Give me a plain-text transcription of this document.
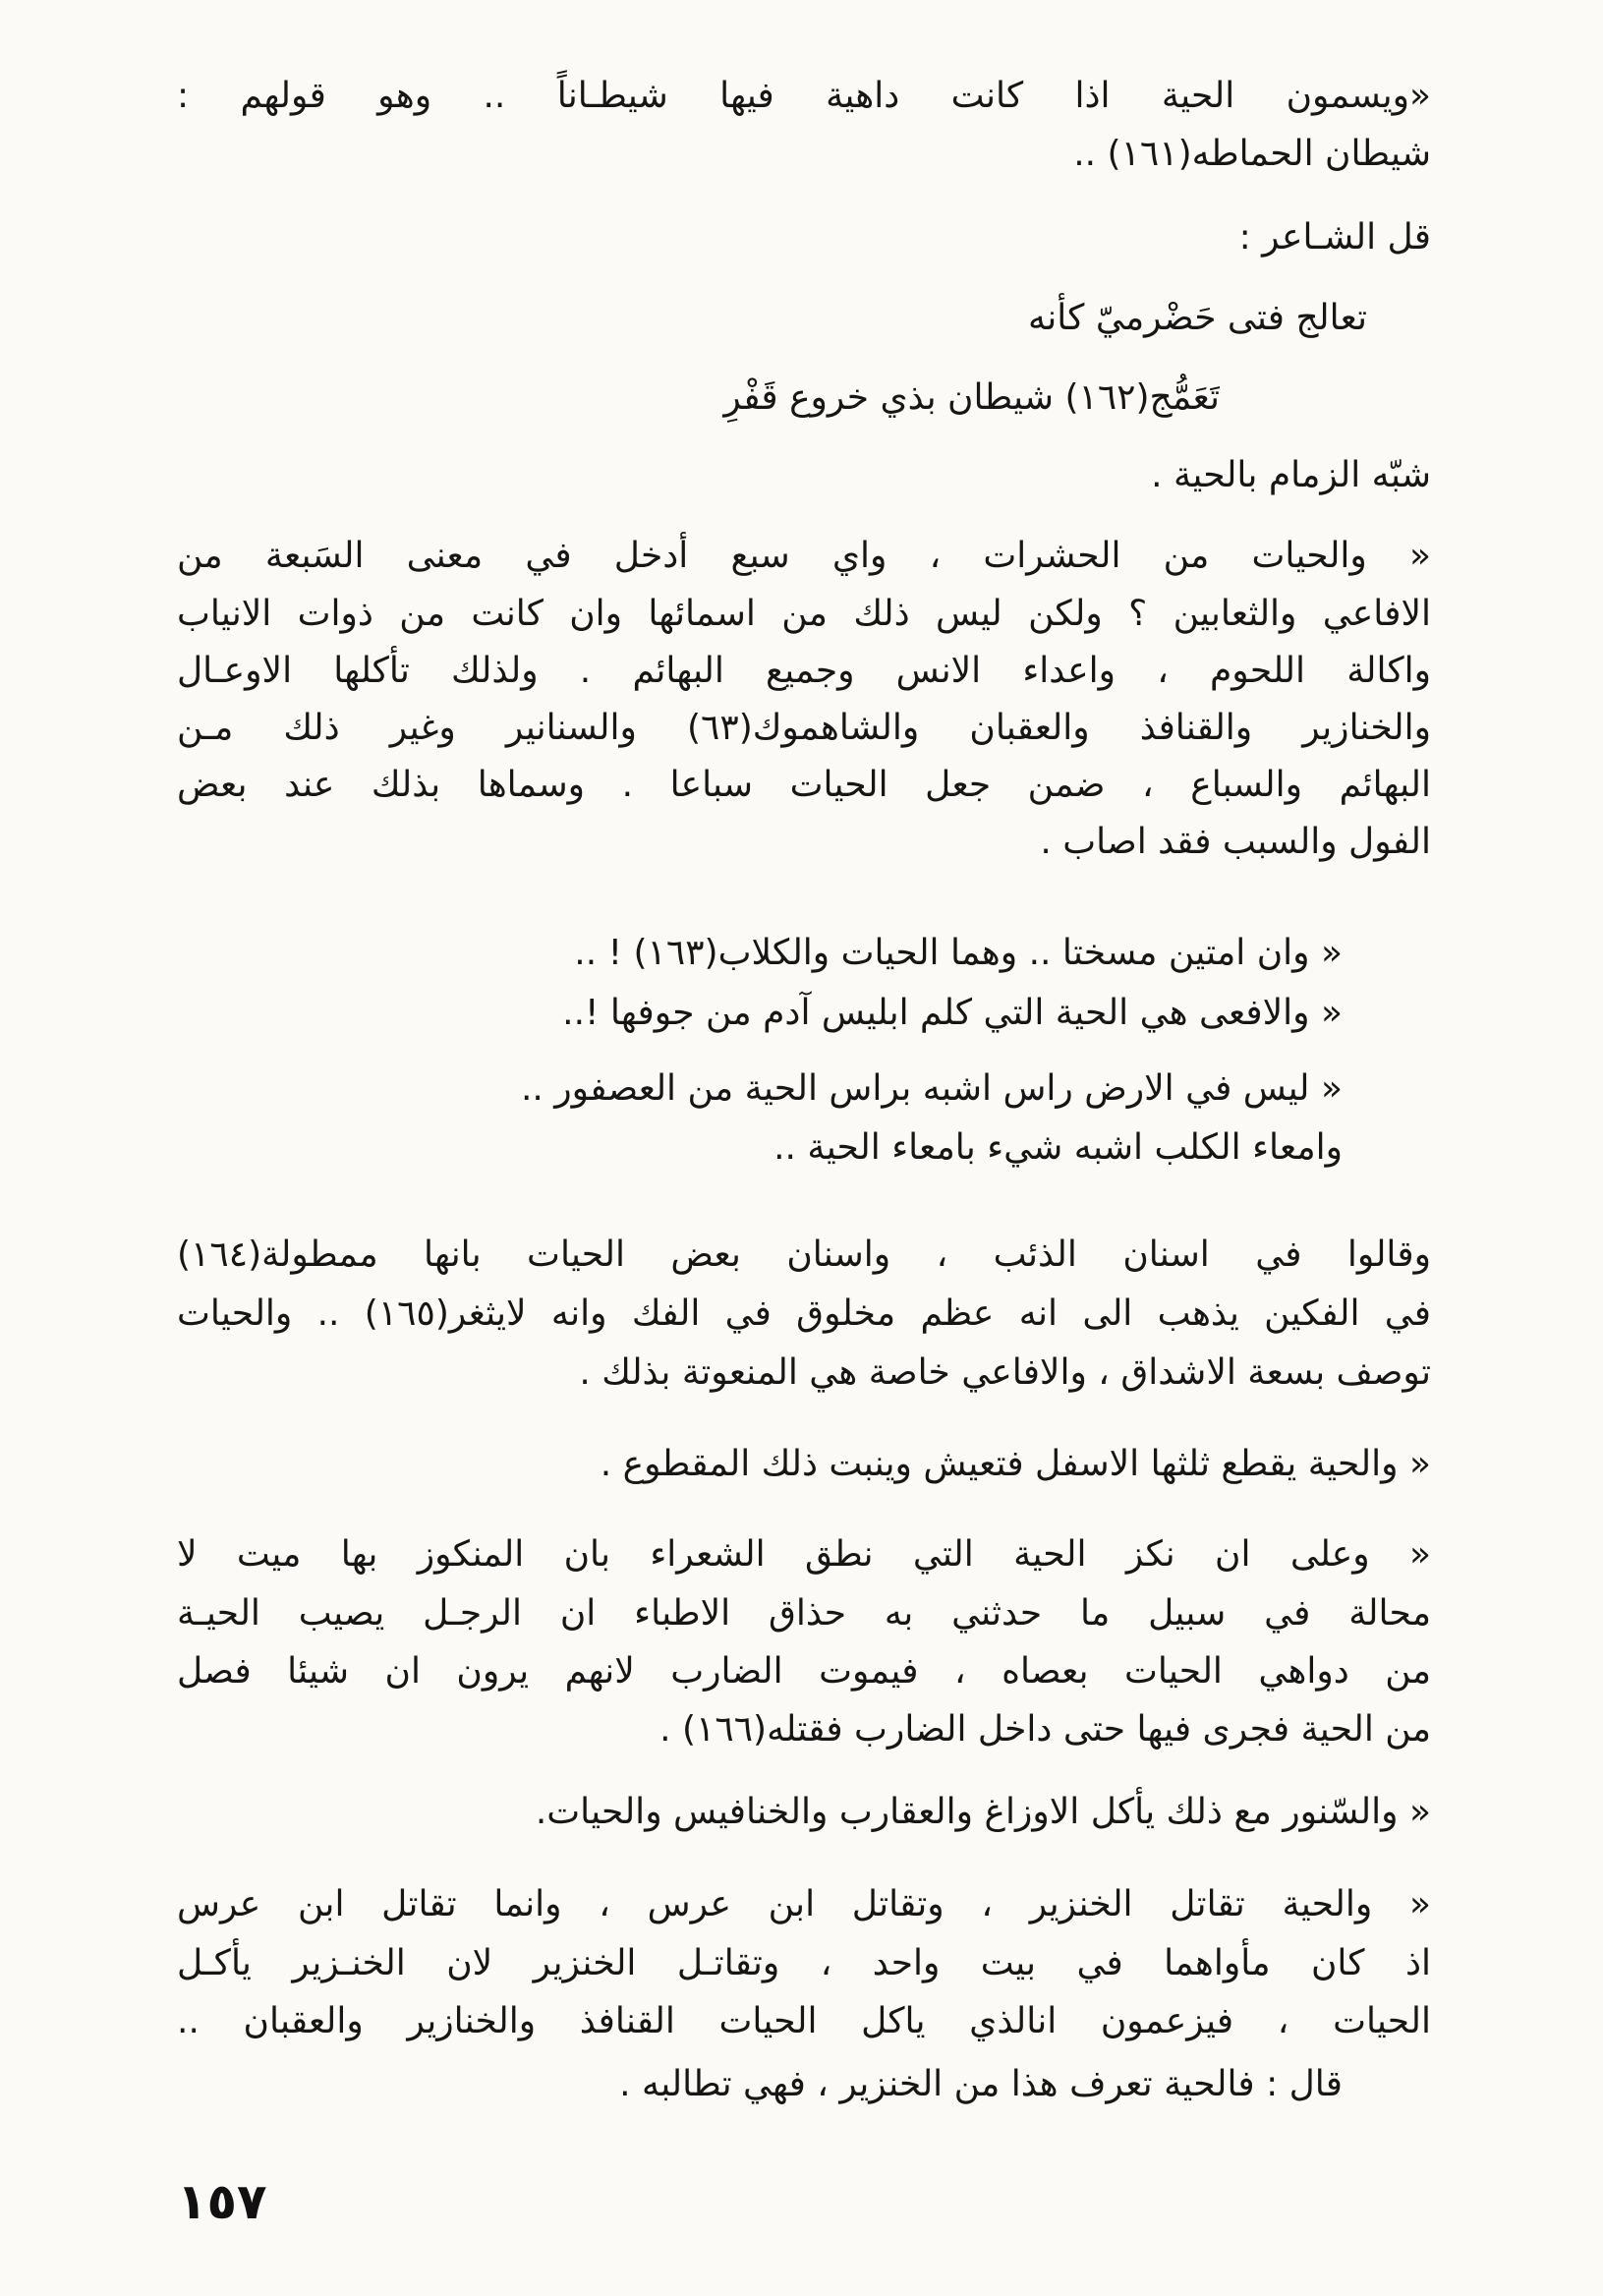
«ويسمون الحية اذا كانت داهية فيها شيطـاناً .. وهو قولهم :
شيطان الحماطه(١٦١) ..
قل الشـاعر :
تعالج فتى حَضْرميّ كأنه
تَعَمُّج(١٦٢) شيطان بذي خروع قَفْرِ
شبّه الزمام بالحية .
« والحيات من الحشرات ، واي سبع أدخل في معنى السَبعة من
الافاعي والثعابين ؟ ولكن ليس ذلك من اسمائها وان كانت من ذوات الانياب
واكالة اللحوم ، واعداء الانس وجميع البهائم . ولذلك تأكلها الاوعـال
والخنازير والقنافذ والعقبان والشاهموك(٦٣) والسنانير وغير ذلك مـن
البهائم والسباع ، ضمن جعل الحيات سباعا . وسماها بذلك عند بعض
الفول والسبب فقد اصاب .
« وان امتين مسختا .. وهما الحيات والكلاب(١٦٣) ! ..
« والافعى هي الحية التي كلم ابليس آدم من جوفها !..
« ليس في الارض راس اشبه براس الحية من العصفور ..
وامعاء الكلب اشبه شيء بامعاء الحية ..
وقالوا في اسنان الذئب ، واسنان بعض الحيات بانها ممطولة(١٦٤)
في الفكين يذهب الى انه عظم مخلوق في الفك وانه لايثغر(١٦٥) .. والحيات
توصف بسعة الاشداق ، والافاعي خاصة هي المنعوتة بذلك .
« والحية يقطع ثلثها الاسفل فتعيش وينبت ذلك المقطوع .
« وعلى ان نكز الحية التي نطق الشعراء بان المنكوز بها ميت لا
محالة في سبيل ما حدثني به حذاق الاطباء ان الرجـل يصيب الحيـة
من دواهي الحيات بعصاه ، فيموت الضارب لانهم يرون ان شيئا فصل
من الحية فجرى فيها حتى داخل الضارب فقتله(١٦٦) .
« والسّنور مع ذلك يأكل الاوزاغ والعقارب والخنافيس والحيات.
« والحية تقاتل الخنزير ، وتقاتل ابن عرس ، وانما تقاتل ابن عرس
اذ كان مأواهما في بيت واحد ، وتقاتـل الخنزير لان الخنـزير يأكـل
الحيات ، فيزعمون انالذي ياكل الحيات القنافذ والخنازير والعقبان ..
قال : فالحية تعرف هذا من الخنزير ، فهي تطالبه .
١٥٧
